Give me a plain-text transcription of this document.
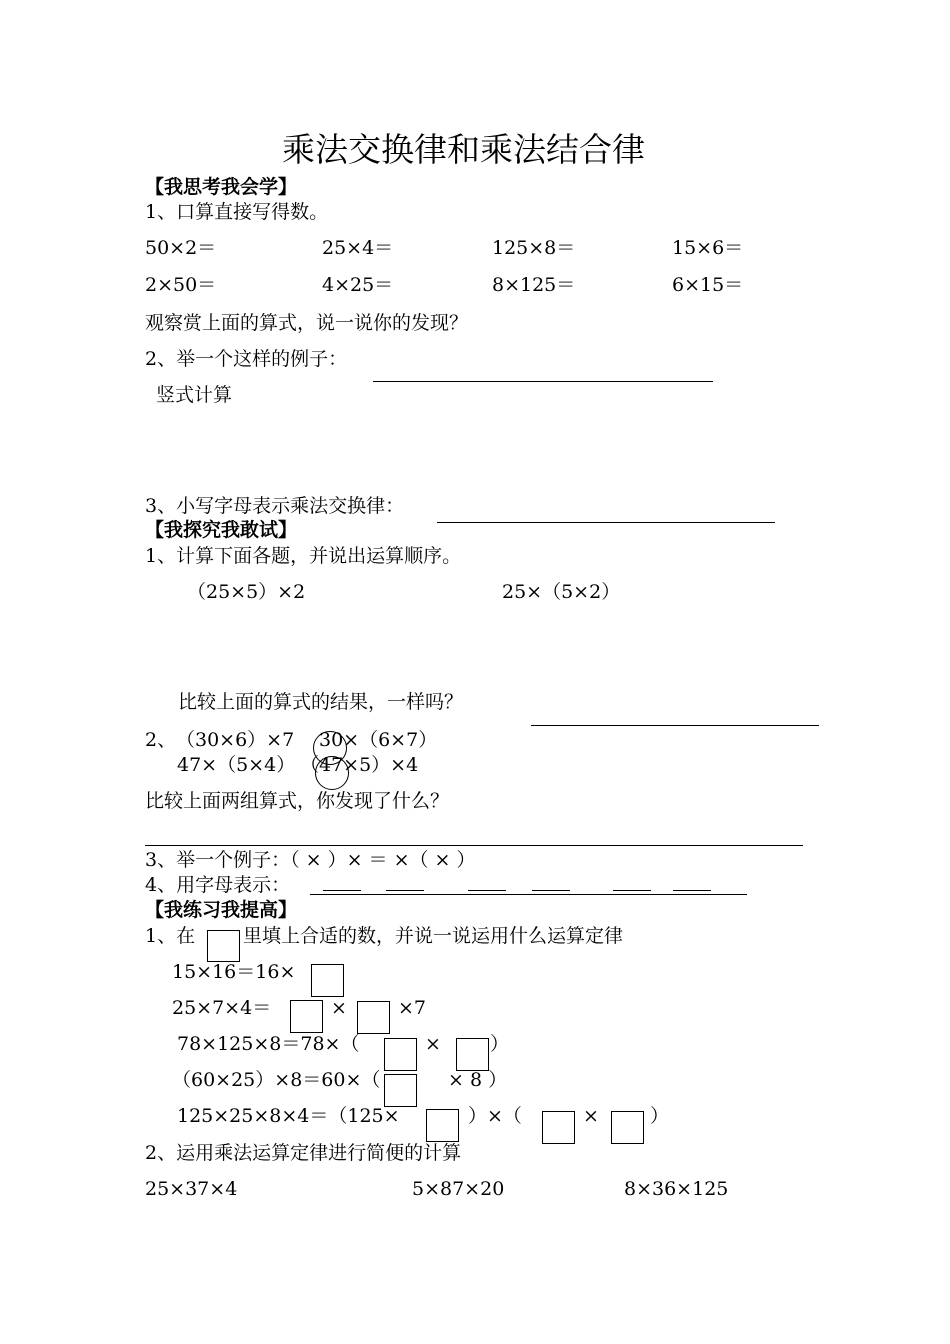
乘法交换律和乘法结合律
【我思考我会学】
1、口算直接写得数。
50×2＝	25×4＝	125×8＝	15×6＝
2×50＝	4×25＝	8×125＝	6×15＝
观察赏上面的算式，说一说你的发现？
2、举一个这样的例子：
竖式计算
3、小写字母表示乘法交换律：
【我探究我敢试】
1、计算下面各题，并说出运算顺序。
（25×5）×2	25×（5×2）
比较上面的算式的结果，一样吗？
2、 （30×6）×7 30×（6×7）
47×（5×4） （47×5）×4
比较上面两组算式，你发现了什么？
3、举一个例子：（ × ）× ＝ ×（ × ）
4、用字母表示：
【我练习我提高】
1、在	里填上合适的数，并说一说运用什么运算定律
15×16＝16×
25×7×4＝	×	×7
78×125×8＝78×（	×	）
（60×25）×8＝60×（	× 8 ）
125×25×8×4＝（125×	）×（	×	）
2、运用乘法运算定律进行简便的计算
25×37×4	5×87×20	8×36×125
